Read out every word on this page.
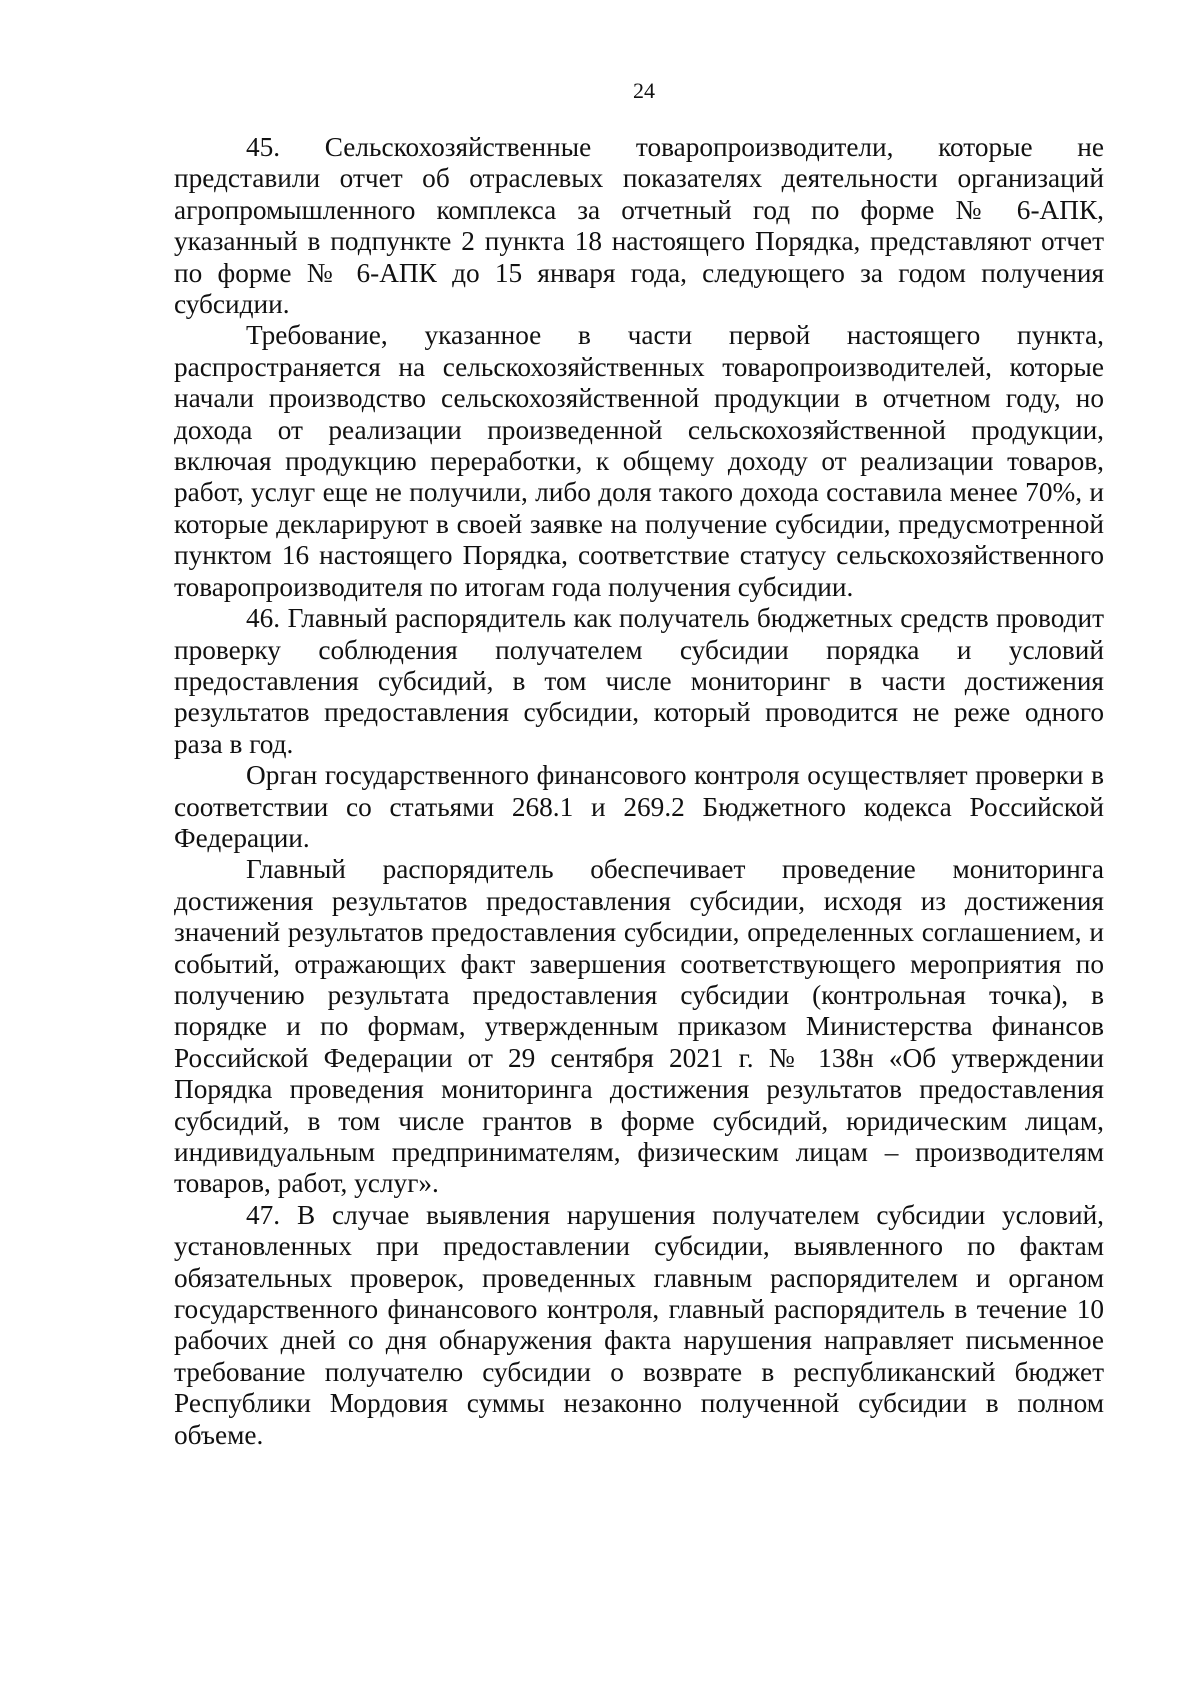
24

45. Сельскохозяйственные товаропроизводители, которые не представили отчет об отраслевых показателях деятельности организаций агропромышленного комплекса за отчетный год по форме № 6-АПК, указанный в подпункте 2 пункта 18 настоящего Порядка, представляют отчет по форме № 6-АПК до 15 января года, следующего за годом получения субсидии.

Требование, указанное в части первой настоящего пункта, распространяется на сельскохозяйственных товаропроизводителей, которые начали производство сельскохозяйственной продукции в отчетном году, но дохода от реализации произведенной сельскохозяйственной продукции, включая продукцию переработки, к общему доходу от реализации товаров, работ, услуг еще не получили, либо доля такого дохода составила менее 70%, и которые декларируют в своей заявке на получение субсидии, предусмотренной пунктом 16 настоящего Порядка, соответствие статусу сельскохозяйственного товаропроизводителя по итогам года получения субсидии.

46. Главный распорядитель как получатель бюджетных средств проводит проверку соблюдения получателем субсидии порядка и условий предоставления субсидий, в том числе мониторинг в части достижения результатов предоставления субсидии, который проводится не реже одного раза в год.

Орган государственного финансового контроля осуществляет проверки в соответствии со статьями 268.1 и 269.2 Бюджетного кодекса Российской Федерации.

Главный распорядитель обеспечивает проведение мониторинга достижения результатов предоставления субсидии, исходя из достижения значений результатов предоставления субсидии, определенных соглашением, и событий, отражающих факт завершения соответствующего мероприятия по получению результата предоставления субсидии (контрольная точка), в порядке и по формам, утвержденным приказом Министерства финансов Российской Федерации от 29 сентября 2021 г. № 138н «Об утверждении Порядка проведения мониторинга достижения результатов предоставления субсидий, в том числе грантов в форме субсидий, юридическим лицам, индивидуальным предпринимателям, физическим лицам – производителям товаров, работ, услуг».

47. В случае выявления нарушения получателем субсидии условий, установленных при предоставлении субсидии, выявленного по фактам обязательных проверок, проведенных главным распорядителем и органом государственного финансового контроля, главный распорядитель в течение 10 рабочих дней со дня обнаружения факта нарушения направляет письменное требование получателю субсидии о возврате в республиканский бюджет Республики Мордовия суммы незаконно полученной субсидии в полном объеме.
